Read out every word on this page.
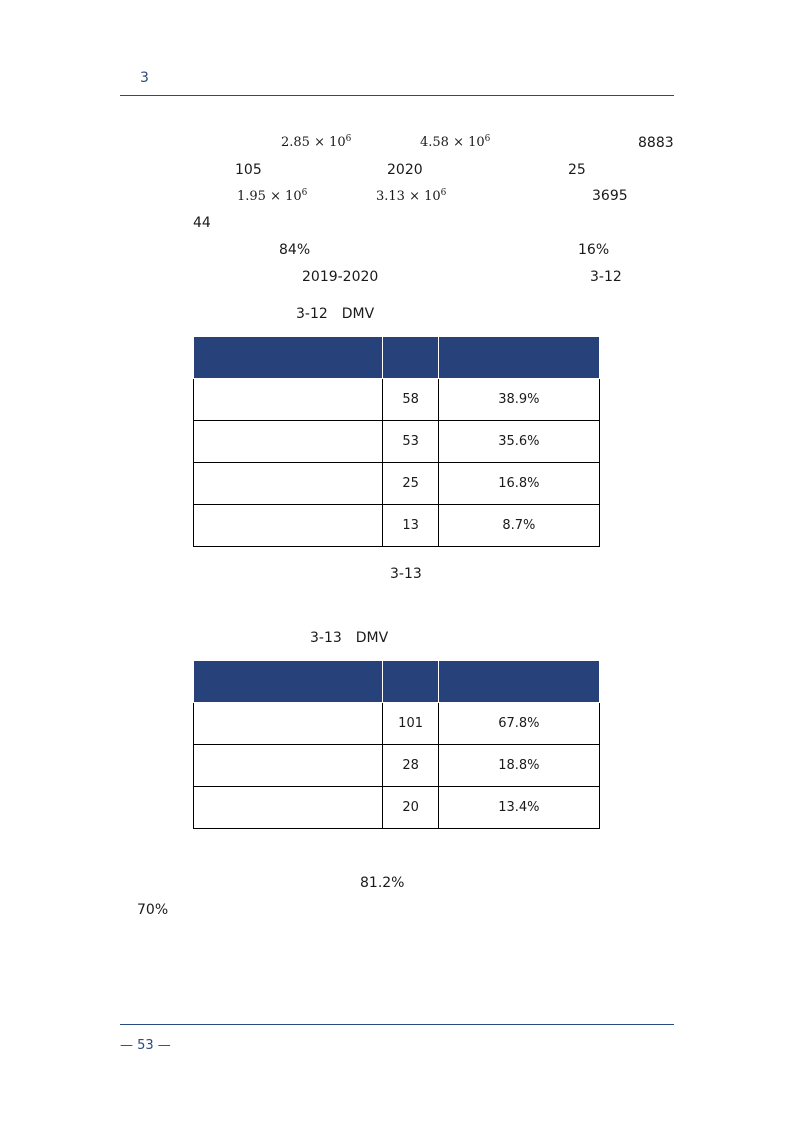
3
$2.85 \times 10^6$	$4.58 \times 10^6$	8883
105	2020	25
$1.95 \times 10^6$	$3.13 \times 10^6$	3695
44
84%	16%
2019-2020	3-12
3-12 DMV

	58	38.9%
	53	35.6%
	25	16.8%
	13	8.7%
3-13
3-13 DMV

	101	67.8%
	28	18.8%
	20	13.4%
81.2%
70%
— 53 —
